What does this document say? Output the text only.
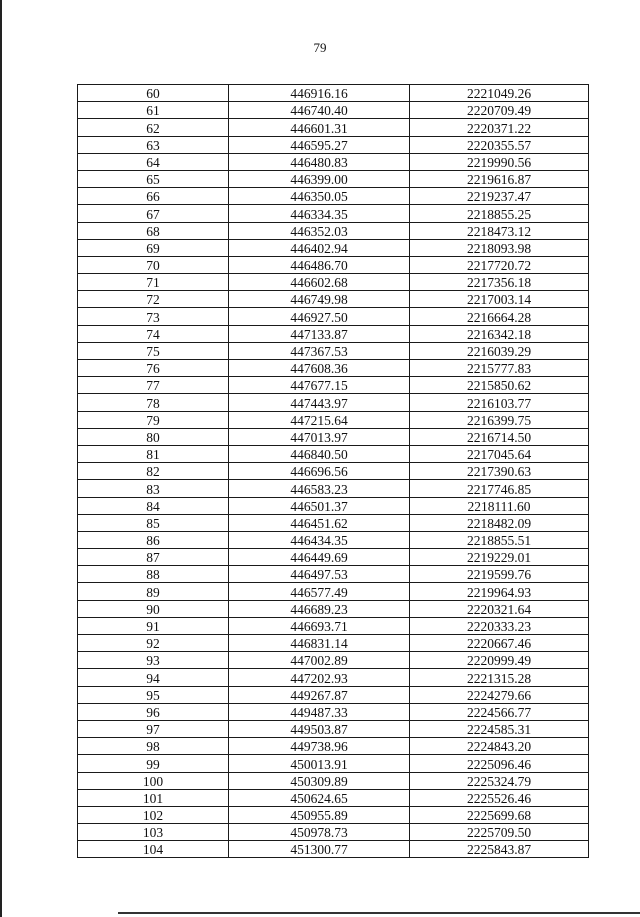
79
60	446916.16	2221049.26
61	446740.40	2220709.49
62	446601.31	2220371.22
63	446595.27	2220355.57
64	446480.83	2219990.56
65	446399.00	2219616.87
66	446350.05	2219237.47
67	446334.35	2218855.25
68	446352.03	2218473.12
69	446402.94	2218093.98
70	446486.70	2217720.72
71	446602.68	2217356.18
72	446749.98	2217003.14
73	446927.50	2216664.28
74	447133.87	2216342.18
75	447367.53	2216039.29
76	447608.36	2215777.83
77	447677.15	2215850.62
78	447443.97	2216103.77
79	447215.64	2216399.75
80	447013.97	2216714.50
81	446840.50	2217045.64
82	446696.56	2217390.63
83	446583.23	2217746.85
84	446501.37	2218111.60
85	446451.62	2218482.09
86	446434.35	2218855.51
87	446449.69	2219229.01
88	446497.53	2219599.76
89	446577.49	2219964.93
90	446689.23	2220321.64
91	446693.71	2220333.23
92	446831.14	2220667.46
93	447002.89	2220999.49
94	447202.93	2221315.28
95	449267.87	2224279.66
96	449487.33	2224566.77
97	449503.87	2224585.31
98	449738.96	2224843.20
99	450013.91	2225096.46
100	450309.89	2225324.79
101	450624.65	2225526.46
102	450955.89	2225699.68
103	450978.73	2225709.50
104	451300.77	2225843.87
